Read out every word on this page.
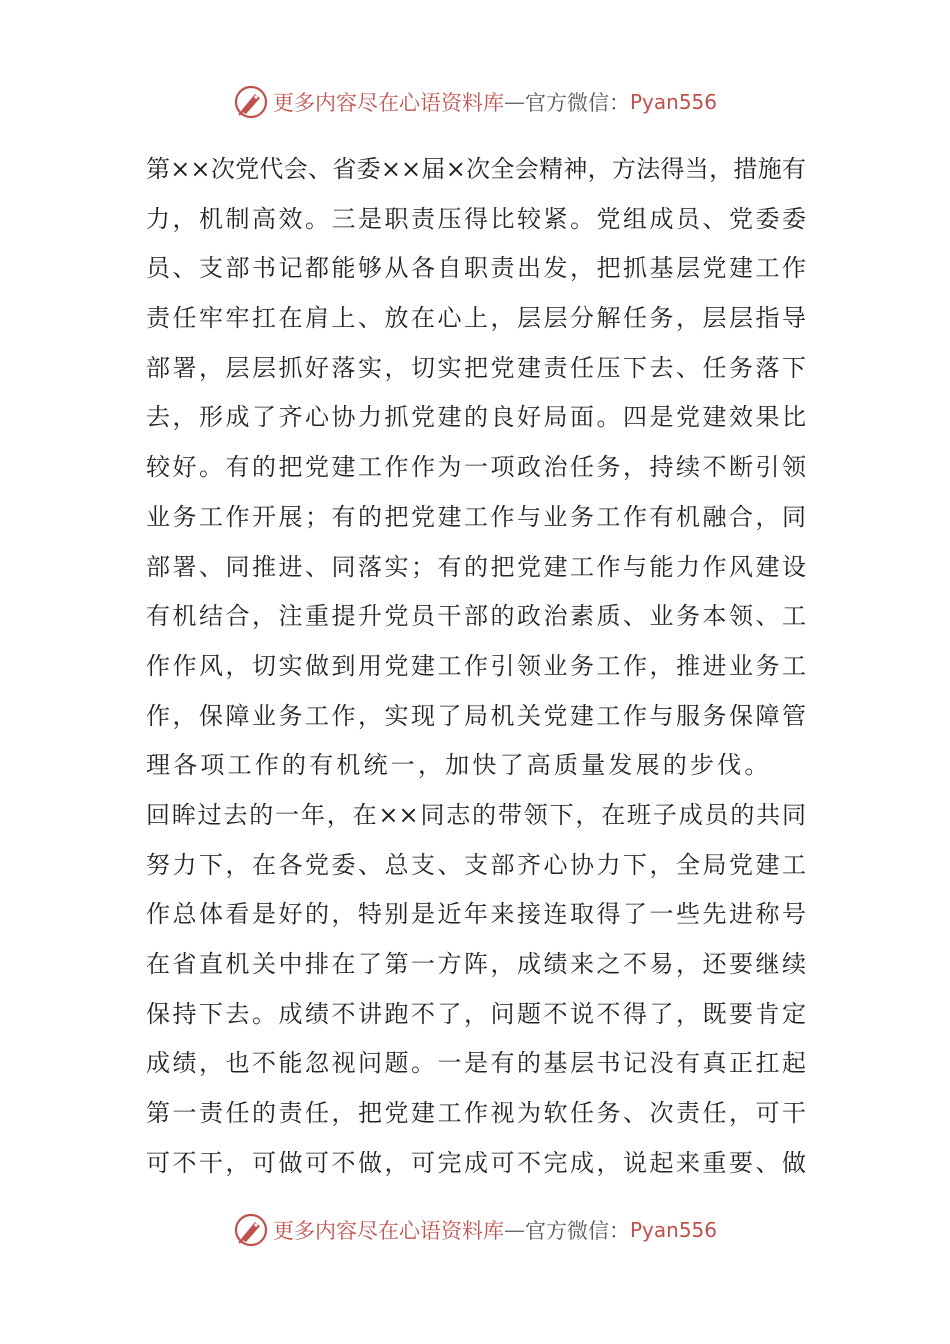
更多内容尽在心语资料库 — 官方微信： Pyan556
第××次党代会、省委××届×次全会精神，方法得当，措施有
力，机制高效。三是职责压得比较紧。党组成员、党委委
员、支部书记都能够从各自职责出发，把抓基层党建工作
责任牢牢扛在肩上、放在心上，层层分解任务，层层指导
部署，层层抓好落实，切实把党建责任压下去、任务落下
去，形成了齐心协力抓党建的良好局面。四是党建效果比
较好。有的把党建工作作为一项政治任务，持续不断引领
业务工作开展；有的把党建工作与业务工作有机融合，同
部署、同推进、同落实；有的把党建工作与能力作风建设
有机结合，注重提升党员干部的政治素质、业务本领、工
作作风，切实做到用党建工作引领业务工作，推进业务工
作，保障业务工作，实现了局机关党建工作与服务保障管
理各项工作的有机统一，加快了高质量发展的步伐。
回眸过去的一年，在××同志的带领下，在班子成员的共同
努力下，在各党委、总支、支部齐心协力下，全局党建工
作总体看是好的，特别是近年来接连取得了一些先进称号
在省直机关中排在了第一方阵，成绩来之不易，还要继续
保持下去。成绩不讲跑不了，问题不说不得了，既要肯定
成绩，也不能忽视问题。一是有的基层书记没有真正扛起
第一责任的责任，把党建工作视为软任务、次责任，可干
可不干，可做可不做，可完成可不完成，说起来重要、做
更多内容尽在心语资料库 — 官方微信： Pyan556
